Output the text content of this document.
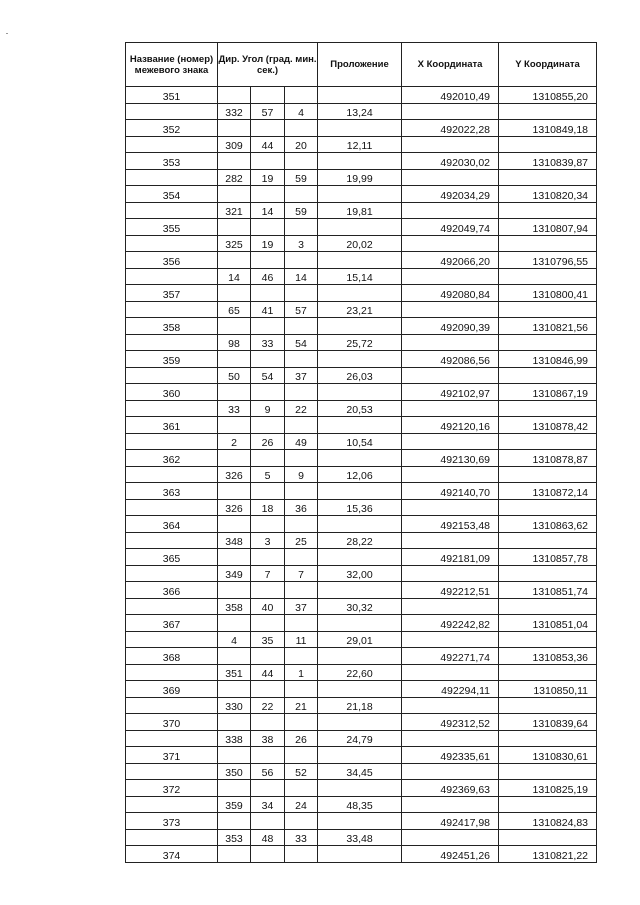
Название (номер) межевого знака	Дир. Угол (град. мин. сек.)			Проложение	X Координата	Y Координата
351					492010,49	1310855,20
	332	57	4	13,24		
352					492022,28	1310849,18
	309	44	20	12,11		
353					492030,02	1310839,87
	282	19	59	19,99		
354					492034,29	1310820,34
	321	14	59	19,81		
355					492049,74	1310807,94
	325	19	3	20,02		
356					492066,20	1310796,55
	14	46	14	15,14		
357					492080,84	1310800,41
	65	41	57	23,21		
358					492090,39	1310821,56
	98	33	54	25,72		
359					492086,56	1310846,99
	50	54	37	26,03		
360					492102,97	1310867,19
	33	9	22	20,53		
361					492120,16	1310878,42
	2	26	49	10,54		
362					492130,69	1310878,87
	326	5	9	12,06		
363					492140,70	1310872,14
	326	18	36	15,36		
364					492153,48	1310863,62
	348	3	25	28,22		
365					492181,09	1310857,78
	349	7	7	32,00		
366					492212,51	1310851,74
	358	40	37	30,32		
367					492242,82	1310851,04
	4	35	11	29,01		
368					492271,74	1310853,36
	351	44	1	22,60		
369					492294,11	1310850,11
	330	22	21	21,18		
370					492312,52	1310839,64
	338	38	26	24,79		
371					492335,61	1310830,61
	350	56	52	34,45		
372					492369,63	1310825,19
	359	34	24	48,35		
373					492417,98	1310824,83
	353	48	33	33,48		
374					492451,26	1310821,22
